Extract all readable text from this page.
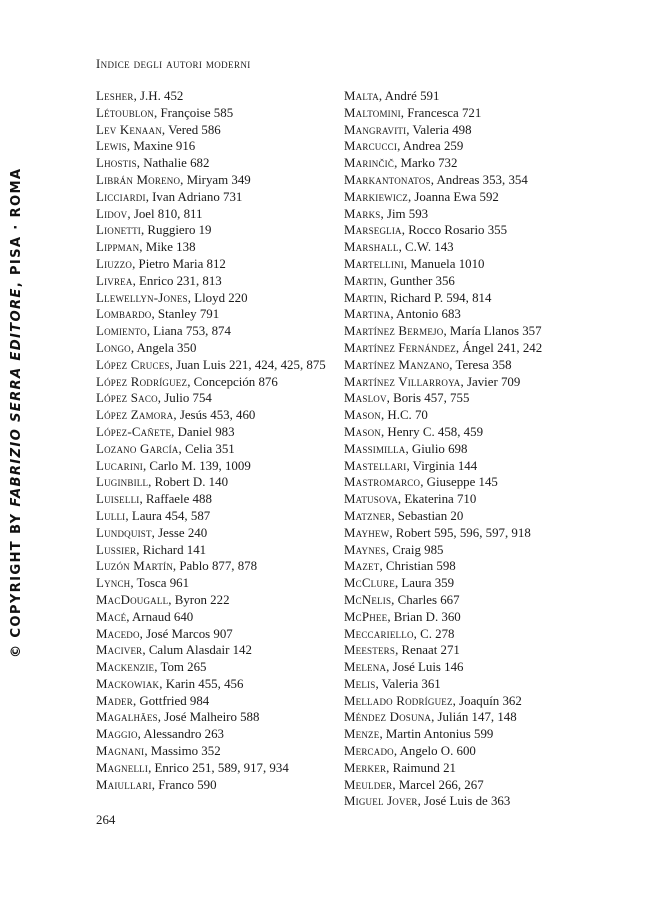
© COPYRIGHT BY FABRIZIO SERRA EDITORE, PISA · ROMA
Indice degli autori moderni
Lesher, J.H. 452
Létoublon, Françoise 585
Lev Kenaan, Vered 586
Lewis, Maxine 916
Lhostis, Nathalie 682
Librán Moreno, Miryam 349
Licciardi, Ivan Adriano 731
Lidov, Joel 810, 811
Lionetti, Ruggiero 19
Lippman, Mike 138
Liuzzo, Pietro Maria 812
Livrea, Enrico 231, 813
Llewellyn-Jones, Lloyd 220
Lombardo, Stanley 791
Lomiento, Liana 753, 874
Longo, Angela 350
López Cruces, Juan Luis 221, 424, 425, 875
López Rodríguez, Concepción 876
López Saco, Julio 754
López Zamora, Jesús 453, 460
López-Cañete, Daniel 983
Lozano García, Celia 351
Lucarini, Carlo M. 139, 1009
Luginbill, Robert D. 140
Luiselli, Raffaele 488
Lulli, Laura 454, 587
Lundquist, Jesse 240
Lussier, Richard 141
Luzón Martín, Pablo 877, 878
Lynch, Tosca 961
MacDougall, Byron 222
Macé, Arnaud 640
Macedo, José Marcos 907
Maciver, Calum Alasdair 142
Mackenzie, Tom 265
Mackowiak, Karin 455, 456
Mader, Gottfried 984
Magalhães, José Malheiro 588
Maggio, Alessandro 263
Magnani, Massimo 352
Magnelli, Enrico 251, 589, 917, 934
Maiullari, Franco 590
Malta, André 591
Maltomini, Francesca 721
Mangraviti, Valeria 498
Marcucci, Andrea 259
Marinčič, Marko 732
Markantonatos, Andreas 353, 354
Markiewicz, Joanna Ewa 592
Marks, Jim 593
Marseglia, Rocco Rosario 355
Marshall, C.W. 143
Martellini, Manuela 1010
Martin, Gunther 356
Martin, Richard P. 594, 814
Martina, Antonio 683
Martínez Bermejo, María Llanos 357
Martínez Fernández, Ángel 241, 242
Martínez Manzano, Teresa 358
Martínez Villarroya, Javier 709
Maslov, Boris 457, 755
Mason, H.C. 70
Mason, Henry C. 458, 459
Massimilla, Giulio 698
Mastellari, Virginia 144
Mastromarco, Giuseppe 145
Matusova, Ekaterina 710
Matzner, Sebastian 20
Mayhew, Robert 595, 596, 597, 918
Maynes, Craig 985
Mazet, Christian 598
McClure, Laura 359
McNelis, Charles 667
McPhee, Brian D. 360
Meccariello, C. 278
Meesters, Renaat 271
Melena, José Luis 146
Melis, Valeria 361
Mellado Rodríguez, Joaquín 362
Méndez Dosuna, Julián 147, 148
Menze, Martin Antonius 599
Mercado, Angelo O. 600
Merker, Raimund 21
Meulder, Marcel 266, 267
Miguel Jover, José Luis de 363
264
